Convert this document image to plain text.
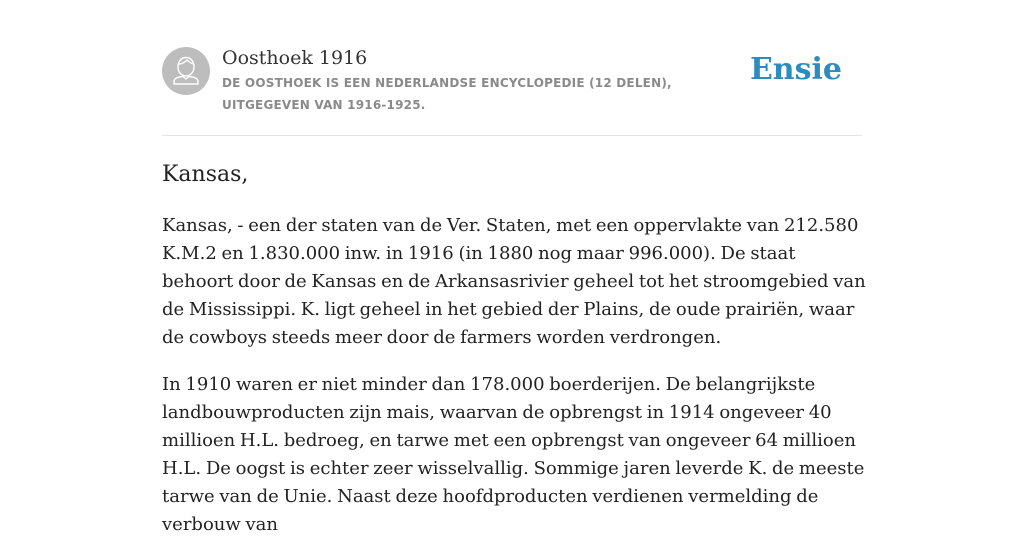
Oosthoek 1916
DE OOSTHOEK IS EEN NEDERLANDSE ENCYCLOPEDIE (12 DELEN), UITGEGEVEN VAN 1916-1925.
Ensie
Kansas,

Kansas, - een der staten van de Ver. Staten, met een oppervlakte van 212.580 K.M.2 en 1.830.000 inw. in 1916 (in 1880 nog maar 996.000). De staat behoort door de Kansas en de Arkansasrivier geheel tot het stroomgebied van de Mississippi. K. ligt geheel in het gebied der Plains, de oude prairiën, waar de cowboys steeds meer door de farmers worden verdrongen.

In 1910 waren er niet minder dan 178.000 boerderijen. De belangrijkste landbouwproducten zijn mais, waarvan de opbrengst in 1914 ongeveer 40 millioen H.L. bedroeg, en tarwe met een opbrengst van ongeveer 64 millioen H.L. De oogst is echter zeer wisselvallig. Sommige jaren leverde K. de meeste tarwe van de Unie. Naast deze hoofdproducten verdienen vermelding de verbouw van
